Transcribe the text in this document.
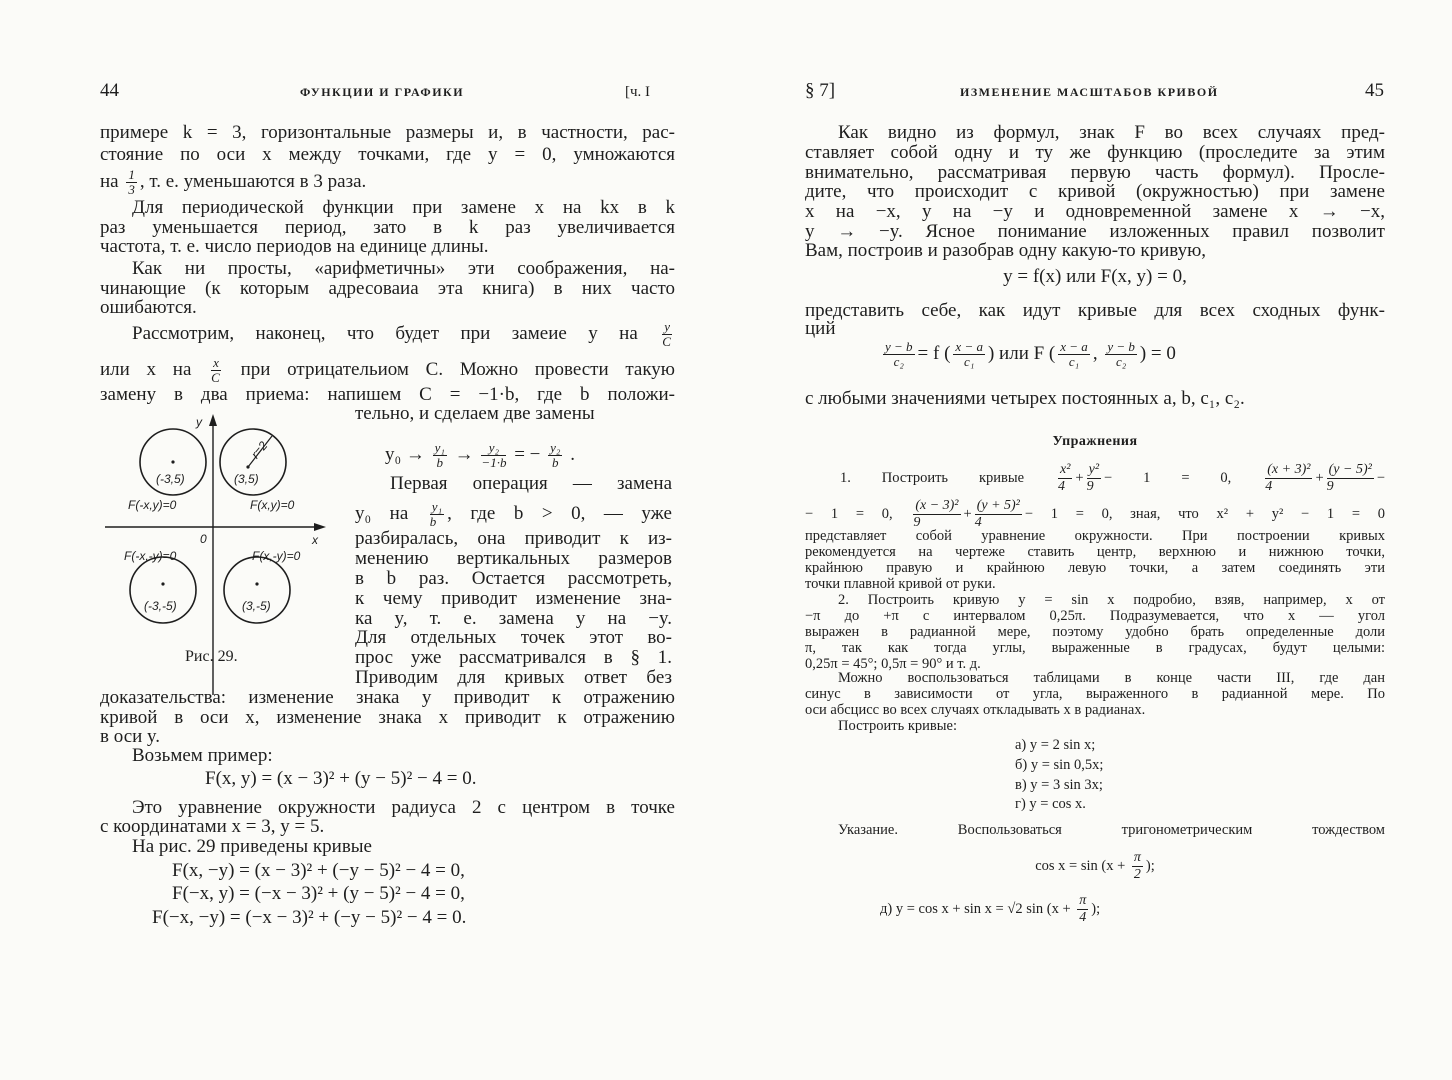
44	ФУНКЦИИ И ГРАФИКИ	[ч. I	§ 7]	ИЗМЕНЕНИЕ МАСШТАБОВ КРИВОЙ	45
примере k = 3, горизонтальные размеры и, в частности, рас-
стояние по оси x между точками, где y = 0, умножаются
на $\frac{1}{3}$ , т. е. уменьшаются в 3 раза.
Для периодической функции при замене x на kx в k
раз уменьшается период, зато в k раз увеличивается
частота, т. е. число периодов на единице длины.
Как ни просты, «арифметичны» эти соображения, на-
чинающие (к которым адресоваиа эта книга) в них часто
ошибаются.
Рассмотрим, наконец, что будет при замеие y на $\frac{y}{C}$
или x на $\frac{x}{C}$ при отрицательиом C. Можно провести такую
замену в два приема: напишем C = −1·b, где b положи-
тельно, и сделаем две замены
$y_0 \to \frac{\text{y₁}}{b} \to \frac{\text{y₂}}{-1\cdot b}$ = − $\frac{\text{y₂}}{b}$ .
Первая операция — замена
y₀ на $\frac{\text{y₁}}{b}$ , где b > 0, — уже
разбиралась, она приводит к из-
менению вертикальных размеров
в b раз. Остается рассмотреть,
к чему приводит изменение зна-
ка y, т. е. замена y на −y.
Для отдельных точек этот во-
прос уже рассматривался в § 1.
Приводим для кривых ответ без
доказательства: изменение знака y приводит к отражению
кривой в оси x, изменение знака x приводит к отражению
в оси y.
Возьмем пример:
F(x, y) = (x − 3)² + (y − 5)² − 4 = 0.
Это уравнение окружности радиуса 2 с центром в точке
с координатами x = 3, y = 5.
На рис. 29 приведены кривые
F(x, −y) = (x − 3)² + (−y − 5)² − 4 = 0,
F(−x, y) = (−x − 3)² + (y − 5)² − 4 = 0,
F(−x, −y) = (−x − 3)² + (−y − 5)² − 4 = 0.
Как видно из формул, знак F во всех случаях пред-
ставляет собой одну и ту же функцию (проследите за этим
внимательно, рассматривая первую часть формул). Просле-
дите, что происходит с кривой (окружностью) при замене
x на −x, y на −y и одновременной замене x → −x,
y → −y. Ясное понимание изложенных правил позволит
Вам, построив и разобрав одну какую-то кривую,
y = f(x) или F(x, y) = 0,
представить себе, как идут кривые для всех сходных функ-
ций
$\frac{y - b}{\text{c₂}} = f$ ( $\frac{x - a}{\text{c₁}}$ ) или F ( $\frac{x - a}{\text{c₁}}$ , $\frac{y - b}{\text{c₂}}$ ) = 0
с любыми значениями четырех постоянных a, b, c₁, c₂.
Упражнения
1. Построить кривые $\frac{\text{x²}}{4} + \frac{\text{y²}}{9} - 1 = 0$, $\frac{\text{(x + 3)²}}{4} + \frac{\text{(y − 5)²}}{9}$ −
− 1 = 0, $\frac{\text{(x − 3)²}}{9} + \frac{\text{(y + 5)²}}{4} - 1 = 0$, зная, что x² + y² − 1 = 0
представляет собой уравнение окружности. При построении кривых
рекомендуется на чертеже ставить центр, верхнюю и нижнюю точки,
крайнюю правую и крайнюю левую точки, а затем соединять эти
точки плавной кривой от руки.
2. Построить кривую y = sin x подробио, взяв, например, x от
−π до +π с интервалом 0,25π. Подразумевается, что x — угол
выражен в радианной мере, поэтому удобно брать определенные доли
π, так как тогда углы, выраженные в градусах, будут целыми:
0,25π = 45°; 0,5π = 90° и т. д.
Можно воспользоваться таблицами в конце части III, где дан
синус в зависимости от угла, выраженного в радианной мере. По
оси абсцисс во всех случаях откладывать x в радианах.
Построить кривые:
а) y = 2 sin x;
б) y = sin 0,5x;
в) y = 3 sin 3x;
г) y = cos x.
Указание. Воспользоваться тригонометрическим тождеством
$\cos x = \sin (x + \frac{\pi}{2}$ );
д) y = cos x + sin x = √2 $\sin (x + \frac{\pi}{4}$ );
y
x
0
r=2
(-3,5)	(3,5)
(-3,-5)	(3,-5)
F(-x,y)=0	F(x,y)=0
F(-x,-y)=0	F(x,-y)=0
Рис. 29.
